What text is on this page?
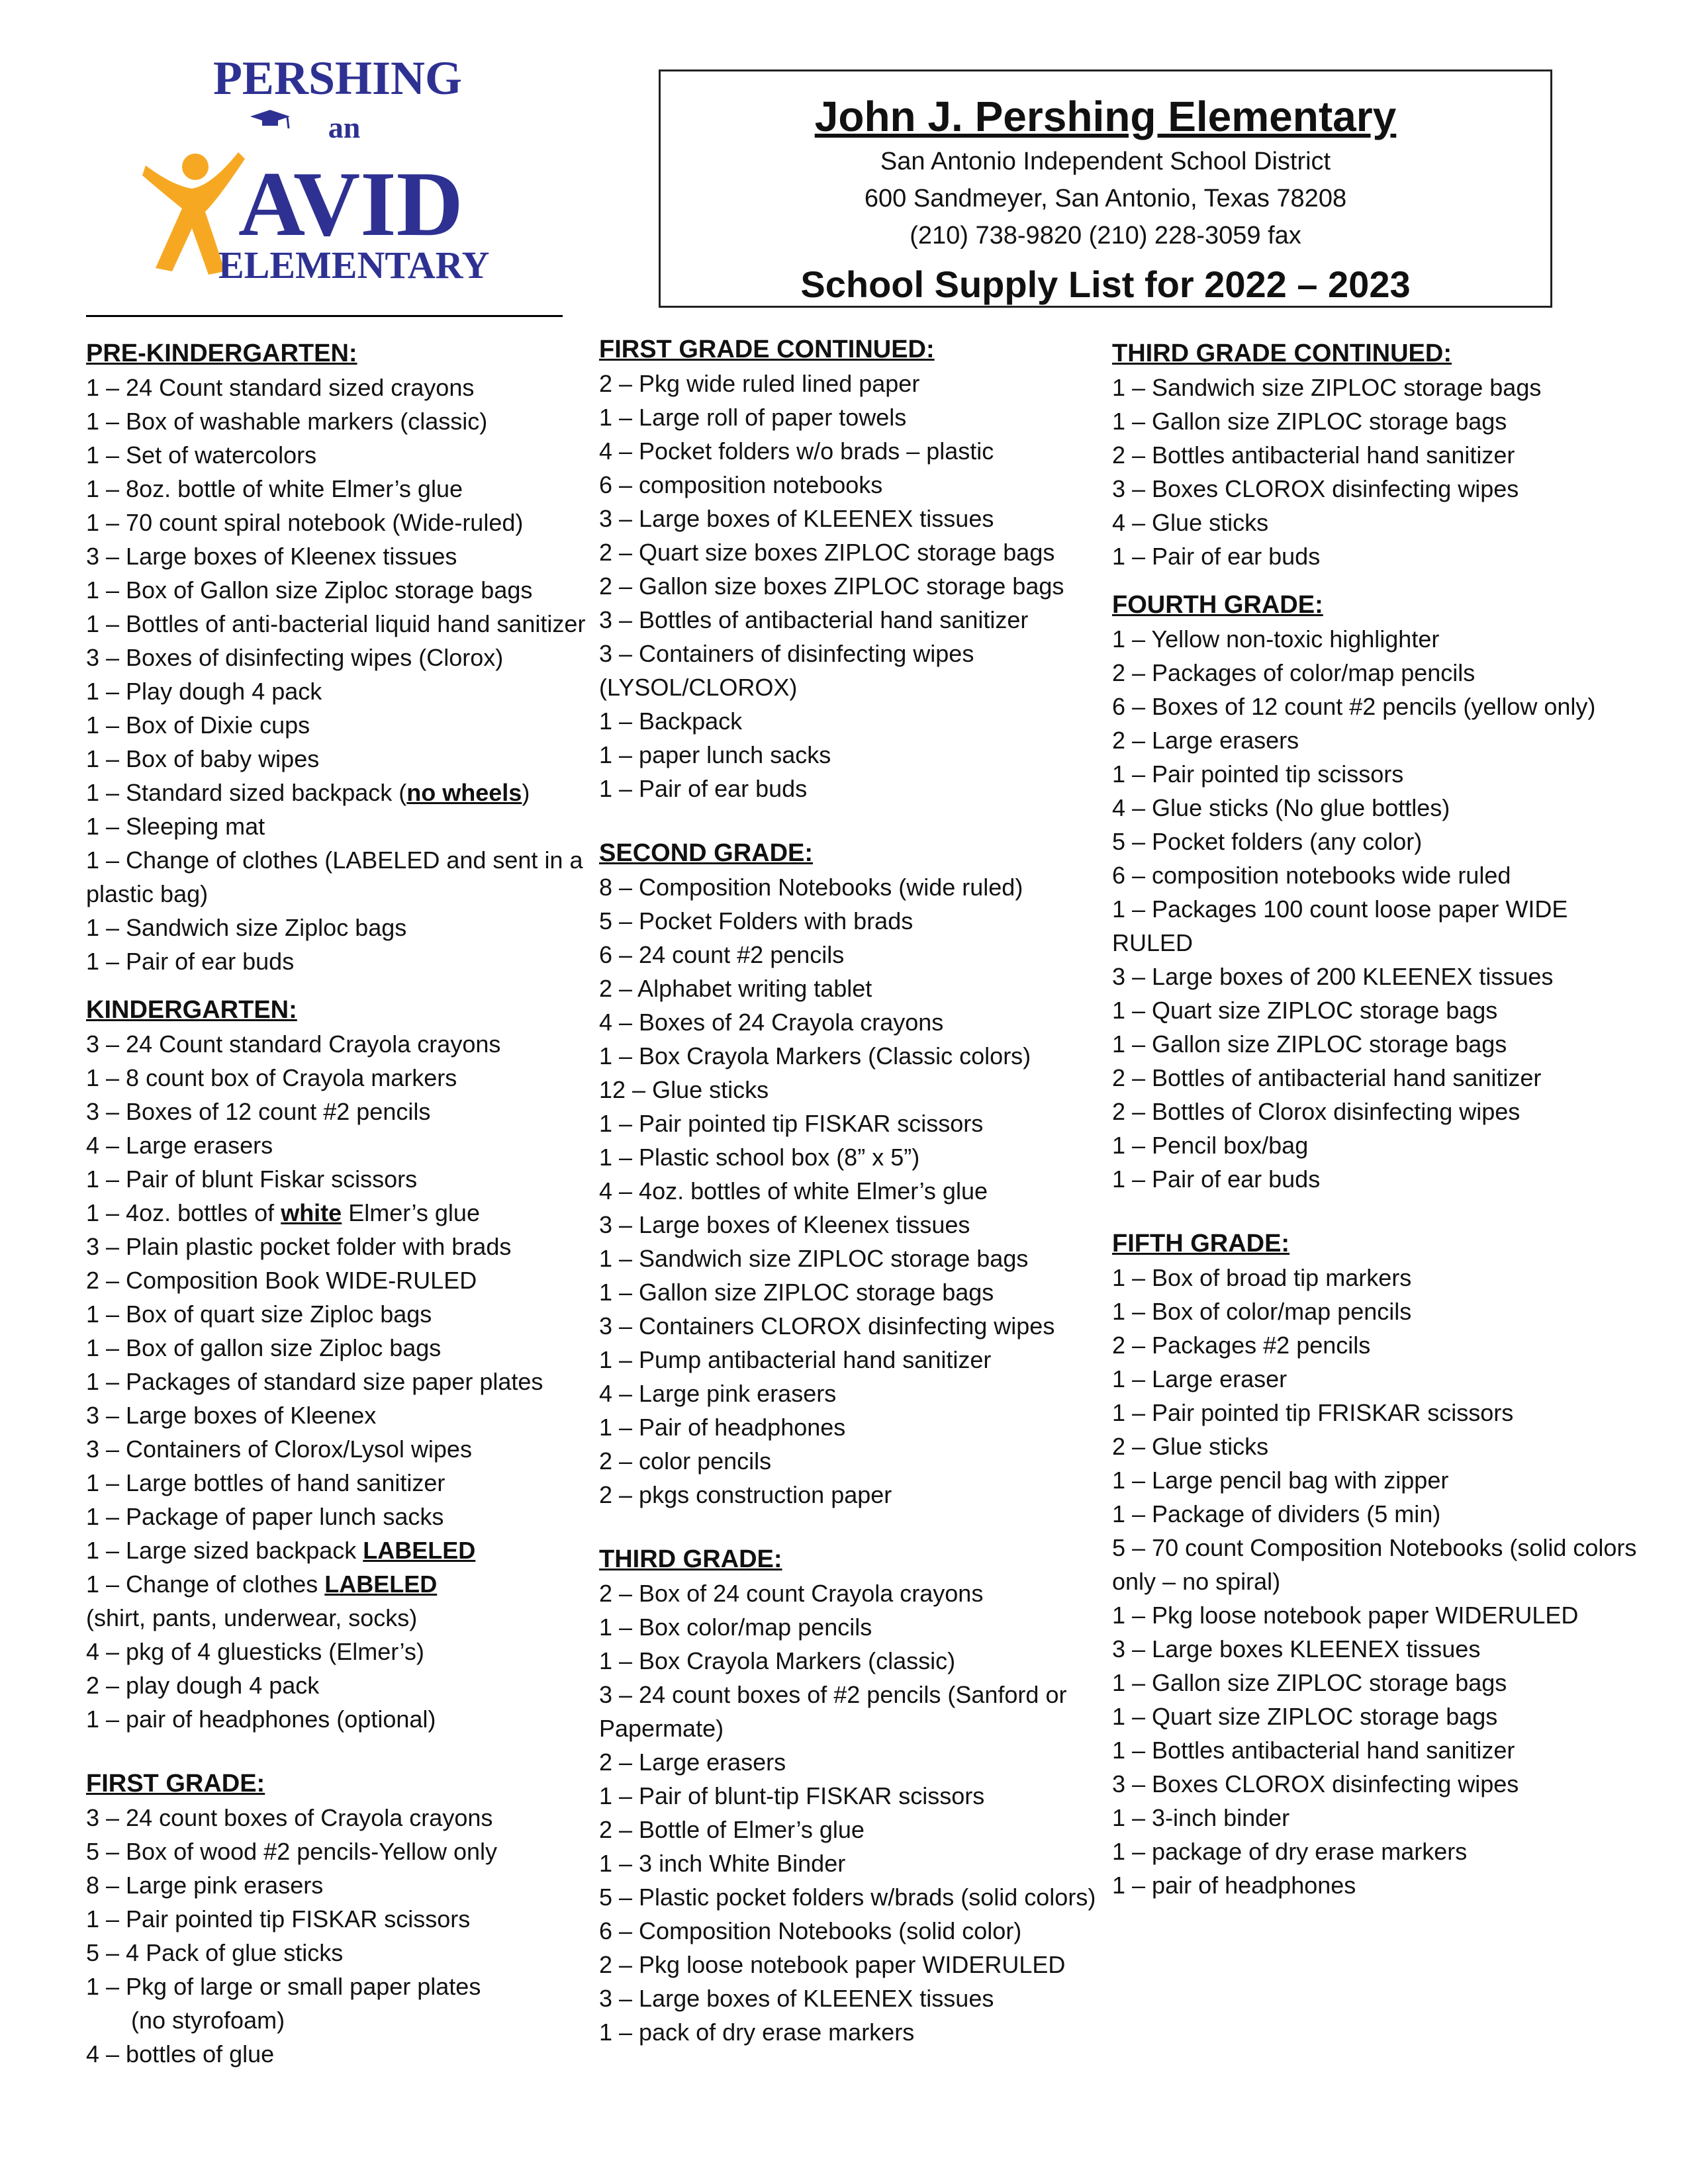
PERSHING
an
AVID
ELEMENTARY
John J. Pershing Elementary
San Antonio Independent School District
600 Sandmeyer, San Antonio, Texas 78208
(210) 738-9820 (210) 228-3059 fax
School Supply List for 2022 – 2023
PRE-KINDERGARTEN:
1 – 24 Count standard sized crayons
1 – Box of washable markers (classic)
1 – Set of watercolors
1 – 8oz. bottle of white Elmer’s glue
1 – 70 count spiral notebook (Wide-ruled)
3 – Large boxes of Kleenex tissues
1 – Box of Gallon size Ziploc storage bags
1 – Bottles of anti-bacterial liquid hand sanitizer
3 – Boxes of disinfecting wipes (Clorox)
1 – Play dough 4 pack
1 – Box of Dixie cups
1 – Box of baby wipes
1 – Standard sized backpack (no wheels)
1 – Sleeping mat
1 – Change of clothes (LABELED and sent in a plastic bag)
1 – Sandwich size Ziploc bags
1 – Pair of ear buds
KINDERGARTEN:
3 – 24 Count standard Crayola crayons
1 – 8 count box of Crayola markers
3 – Boxes of 12 count #2 pencils
4 – Large erasers
1 – Pair of blunt Fiskar scissors
1 – 4oz. bottles of white Elmer’s glue
3 – Plain plastic pocket folder with brads
2 – Composition Book WIDE-RULED
1 – Box of quart size Ziploc bags
1 – Box of gallon size Ziploc bags
1 – Packages of standard size paper plates
3 – Large boxes of Kleenex
3 – Containers of Clorox/Lysol wipes
1 – Large bottles of hand sanitizer
1 – Package of paper lunch sacks
1 – Large sized backpack LABELED
1 – Change of clothes LABELED
(shirt, pants, underwear, socks)
4 – pkg of 4 gluesticks (Elmer’s)
2 – play dough 4 pack
1 – pair of headphones (optional)
FIRST GRADE:
3 – 24 count boxes of Crayola crayons
5 – Box of wood #2 pencils-Yellow only
8 – Large pink erasers
1 – Pair pointed tip FISKAR scissors
5 – 4 Pack of glue sticks
1 – Pkg of large or small paper plates
(no styrofoam)
4 – bottles of glue
FIRST GRADE CONTINUED:
2 – Pkg wide ruled lined paper
1 – Large roll of paper towels
4 – Pocket folders w/o brads – plastic
6 – composition notebooks
3 – Large boxes of KLEENEX tissues
2 – Quart size boxes ZIPLOC storage bags
2 – Gallon size boxes ZIPLOC storage bags
3 – Bottles of antibacterial hand sanitizer
3 – Containers of disinfecting wipes (LYSOL/CLOROX)
1 – Backpack
1 – paper lunch sacks
1 – Pair of ear buds
SECOND GRADE:
8 – Composition Notebooks (wide ruled)
5 – Pocket Folders with brads
6 – 24 count #2 pencils
2 – Alphabet writing tablet
4 – Boxes of 24 Crayola crayons
1 – Box Crayola Markers (Classic colors)
12 – Glue sticks
1 – Pair pointed tip FISKAR scissors
1 – Plastic school box (8” x 5”)
4 – 4oz. bottles of white Elmer’s glue
3 – Large boxes of Kleenex tissues
1 – Sandwich size ZIPLOC storage bags
1 – Gallon size ZIPLOC storage bags
3 – Containers CLOROX disinfecting wipes
1 – Pump antibacterial hand sanitizer
4 – Large pink erasers
1 – Pair of headphones
2 – color pencils
2 – pkgs construction paper
THIRD GRADE:
2 – Box of 24 count Crayola crayons
1 – Box color/map pencils
1 – Box Crayola Markers (classic)
3 – 24 count boxes of #2 pencils (Sanford or Papermate)
2 – Large erasers
1 – Pair of blunt-tip FISKAR scissors
2 – Bottle of Elmer’s glue
1 – 3 inch White Binder
5 – Plastic pocket folders w/brads (solid colors)
6 – Composition Notebooks (solid color)
2 – Pkg loose notebook paper WIDERULED
3 – Large boxes of KLEENEX tissues
1 – pack of dry erase markers
THIRD GRADE CONTINUED:
1 – Sandwich size ZIPLOC storage bags
1 – Gallon size ZIPLOC storage bags
2 – Bottles antibacterial hand sanitizer
3 – Boxes CLOROX disinfecting wipes
4 – Glue sticks
1 – Pair of ear buds
FOURTH GRADE:
1 – Yellow non-toxic highlighter
2 – Packages of color/map pencils
6 – Boxes of 12 count #2 pencils (yellow only)
2 – Large erasers
1 – Pair pointed tip scissors
4 – Glue sticks (No glue bottles)
5 – Pocket folders (any color)
6 – composition notebooks wide ruled
1 – Packages 100 count loose paper WIDE RULED
3 – Large boxes of 200 KLEENEX tissues
1 – Quart size ZIPLOC storage bags
1 – Gallon size ZIPLOC storage bags
2 – Bottles of antibacterial hand sanitizer
2 – Bottles of Clorox disinfecting wipes
1 – Pencil box/bag
1 – Pair of ear buds
FIFTH GRADE:
1 – Box of broad tip markers
1 – Box of color/map pencils
2 – Packages #2 pencils
1 – Large eraser
1 – Pair pointed tip FRISKAR scissors
2 – Glue sticks
1 – Large pencil bag with zipper
1 – Package of dividers (5 min)
5 – 70 count Composition Notebooks (solid colors only – no spiral)
1 – Pkg loose notebook paper WIDERULED
3 – Large boxes KLEENEX tissues
1 – Gallon size ZIPLOC storage bags
1 – Quart size ZIPLOC storage bags
1 – Bottles antibacterial hand sanitizer
3 – Boxes CLOROX disinfecting wipes
1 – 3-inch binder
1 – package of dry erase markers
1 – pair of headphones
